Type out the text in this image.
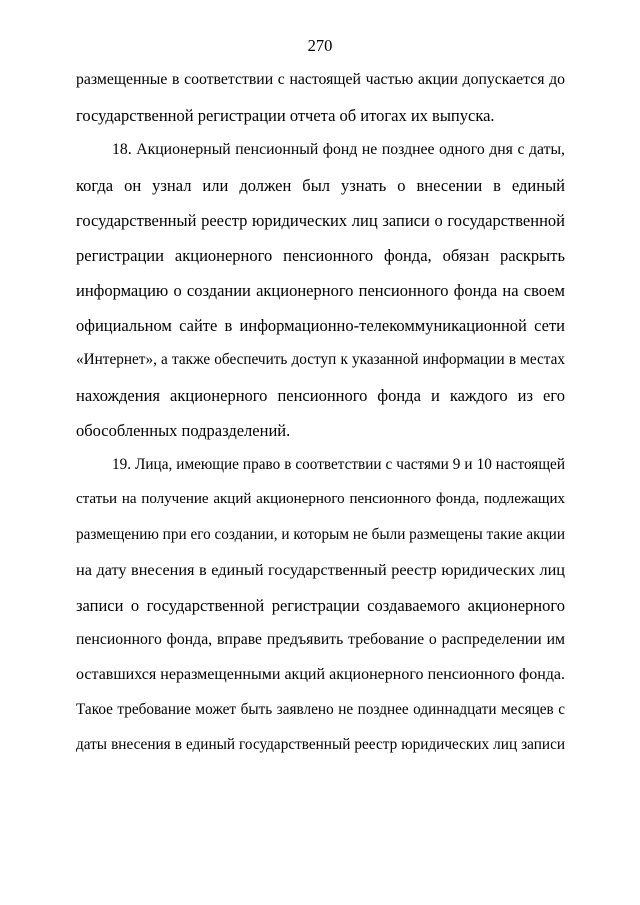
270
размещенные в соответствии с настоящей частью акции допускается до
государственной регистрации отчета об итогах их выпуска.
18. Акционерный пенсионный фонд не позднее одного дня с даты,
когда он узнал или должен был узнать о внесении в единый
государственный реестр юридических лиц записи о государственной
регистрации акционерного пенсионного фонда, обязан раскрыть
информацию о создании акционерного пенсионного фонда на своем
официальном сайте в информационно-телекоммуникационной сети
«Интернет», а также обеспечить доступ к указанной информации в местах
нахождения акционерного пенсионного фонда и каждого из его
обособленных подразделений.
19. Лица, имеющие право в соответствии с частями 9 и 10 настоящей
статьи на получение акций акционерного пенсионного фонда, подлежащих
размещению при его создании, и которым не были размещены такие акции
на дату внесения в единый государственный реестр юридических лиц
записи о государственной регистрации создаваемого акционерного
пенсионного фонда, вправе предъявить требование о распределении им
оставшихся неразмещенными акций акционерного пенсионного фонда.
Такое требование может быть заявлено не позднее одиннадцати месяцев с
даты внесения в единый государственный реестр юридических лиц записи
